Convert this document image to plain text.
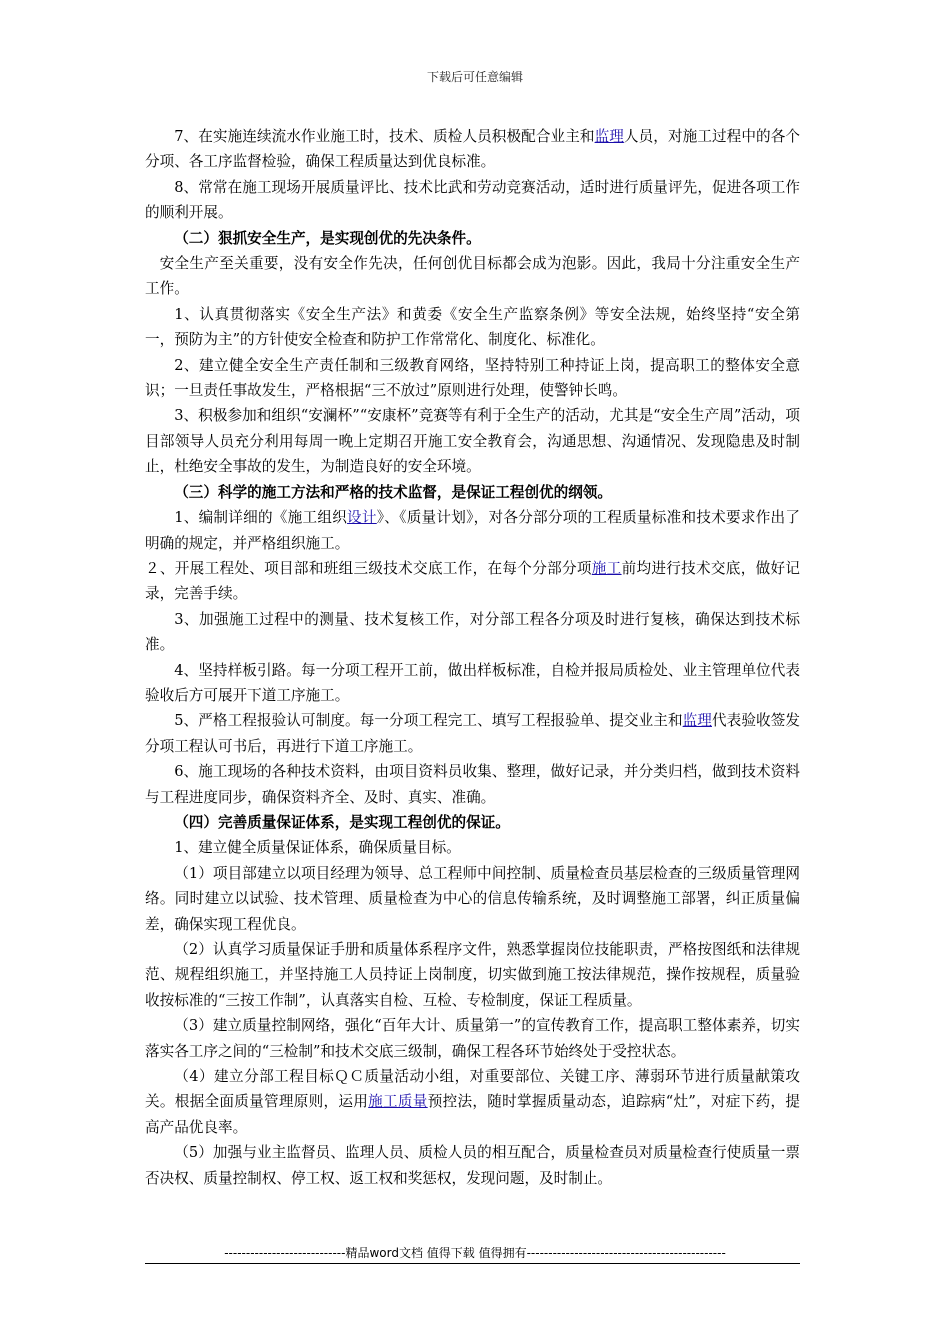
下载后可任意编辑

7、在实施连续流水作业施工时，技术、质检人员积极配合业主和监理人员，对施工过程中的各个分项、各工序监督检验，确保工程质量达到优良标准。

8、常常在施工现场开展质量评比、技术比武和劳动竞赛活动，适时进行质量评先，促进各项工作的顺利开展。

（二）狠抓安全生产，是实现创优的先决条件。

安全生产至关重要，没有安全作先决，任何创优目标都会成为泡影。因此，我局十分注重安全生产工作。

1、认真贯彻落实《安全生产法》和黄委《安全生产监察条例》等安全法规，始终坚持“安全第一，预防为主”的方针使安全检查和防护工作常常化、制度化、标准化。

2、建立健全安全生产责任制和三级教育网络，坚持特别工种持证上岗，提高职工的整体安全意识；一旦责任事故发生，严格根据“三不放过”原则进行处理，使警钟长鸣。

3、积极参加和组织“安澜杯”“安康杯”竞赛等有利于全生产的活动，尤其是“安全生产周”活动，项目部领导人员充分利用每周一晚上定期召开施工安全教育会，沟通思想、沟通情况、发现隐患及时制止，杜绝安全事故的发生，为制造良好的安全环境。

（三）科学的施工方法和严格的技术监督，是保证工程创优的纲领。

1、编制详细的《施工组织设计》、《质量计划》，对各分部分项的工程质量标准和技术要求作出了明确的规定，并严格组织施工。

２、开展工程处、项目部和班组三级技术交底工作，在每个分部分项施工前均进行技术交底，做好记录，完善手续。

3、加强施工过程中的测量、技术复核工作，对分部工程各分项及时进行复核，确保达到技术标准。

4、坚持样板引路。每一分项工程开工前，做出样板标准，自检并报局质检处、业主管理单位代表验收后方可展开下道工序施工。

5、严格工程报验认可制度。每一分项工程完工、填写工程报验单、提交业主和监理代表验收签发分项工程认可书后，再进行下道工序施工。

6、施工现场的各种技术资料，由项目资料员收集、整理，做好记录，并分类归档，做到技术资料与工程进度同步，确保资料齐全、及时、真实、准确。

（四）完善质量保证体系，是实现工程创优的保证。

1、建立健全质量保证体系，确保质量目标。

（1）项目部建立以项目经理为领导、总工程师中间控制、质量检查员基层检查的三级质量管理网络。同时建立以试验、技术管理、质量检查为中心的信息传输系统，及时调整施工部署，纠正质量偏差，确保实现工程优良。

（2）认真学习质量保证手册和质量体系程序文件，熟悉掌握岗位技能职责，严格按图纸和法律规范、规程组织施工，并坚持施工人员持证上岗制度，切实做到施工按法律规范，操作按规程，质量验收按标准的“三按工作制”，认真落实自检、互检、专检制度，保证工程质量。

（3）建立质量控制网络，强化“百年大计、质量第一”的宣传教育工作，提高职工整体素养，切实落实各工序之间的“三检制”和技术交底三级制，确保工程各环节始终处于受控状态。

（4）建立分部工程目标ＱＣ质量活动小组，对重要部位、关键工序、薄弱环节进行质量献策攻关。根据全面质量管理原则，运用施工质量预控法，随时掌握质量动态，追踪病“灶”，对症下药，提高产品优良率。

（5）加强与业主监督员、监理人员、质检人员的相互配合，质量检查员对质量检查行使质量一票否决权、质量控制权、停工权、返工权和奖惩权，发现问题，及时制止。

----------------------------精品word文档 值得下载 值得拥有----------------------------------------------
